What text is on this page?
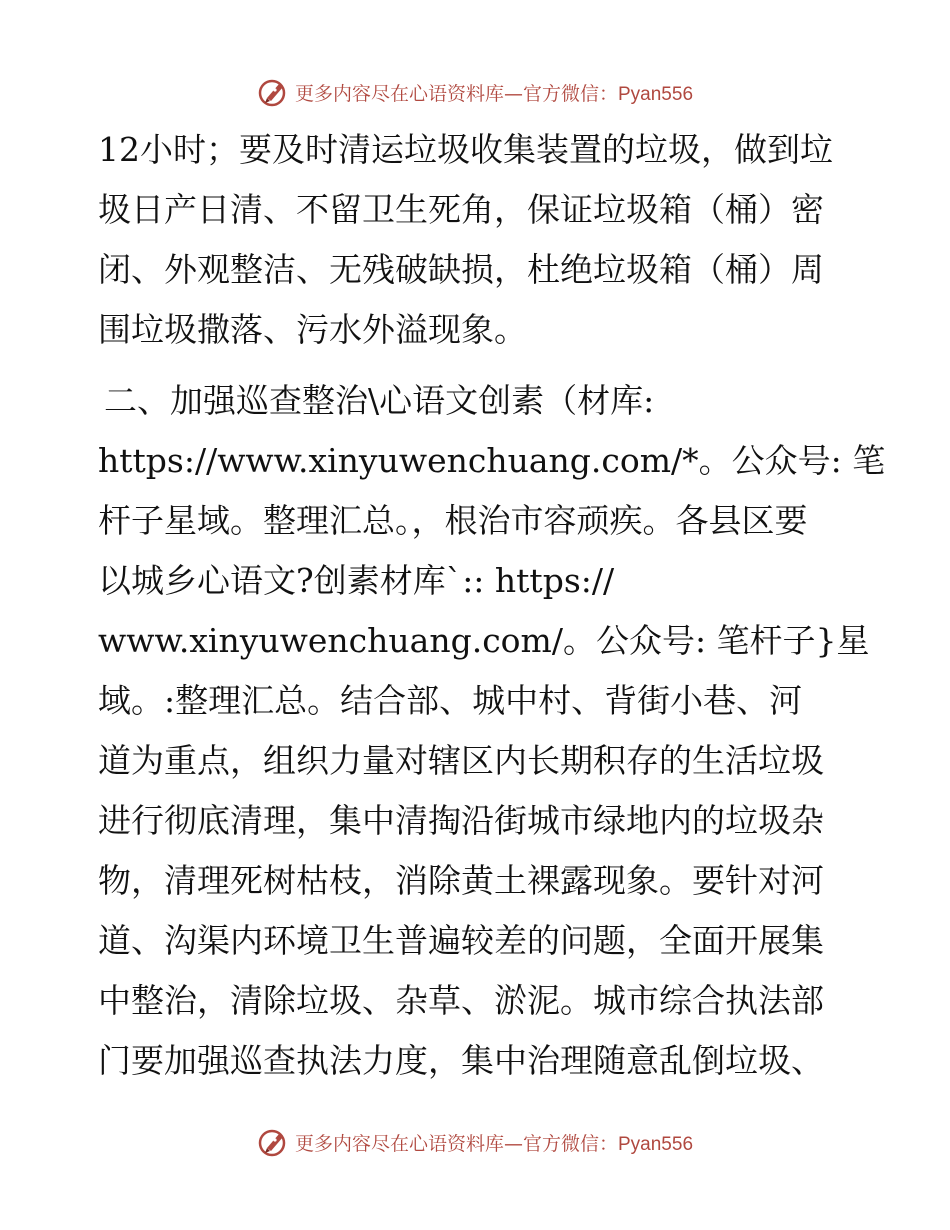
更多内容尽在心语资料库—官方微信：Pyan556
12小时；要及时清运垃圾收集装置的垃圾，做到垃
圾日产日清、不留卫生死角，保证垃圾箱（桶）密
闭、外观整洁、无残破缺损，杜绝垃圾箱（桶）周
围垃圾撒落、污水外溢现象。
二、加强巡查整治\心语文创素（材库:
https://www.xinyuwenchuang.com/*。公众号: 笔
杆子星域。整理汇总。，根治市容顽疾。各县区要
以城乡心语文?创素材库`:: https://
www.xinyuwenchuang.com/。公众号: 笔杆子}星
域。:整理汇总。结合部、城中村、背街小巷、河
道为重点，组织力量对辖区内长期积存的生活垃圾
进行彻底清理，集中清掏沿街城市绿地内的垃圾杂
物，清理死树枯枝，消除黄土裸露现象。要针对河
道、沟渠内环境卫生普遍较差的问题，全面开展集
中整治，清除垃圾、杂草、淤泥。城市综合执法部
门要加强巡查执法力度，集中治理随意乱倒垃圾、
更多内容尽在心语资料库—官方微信：Pyan556
